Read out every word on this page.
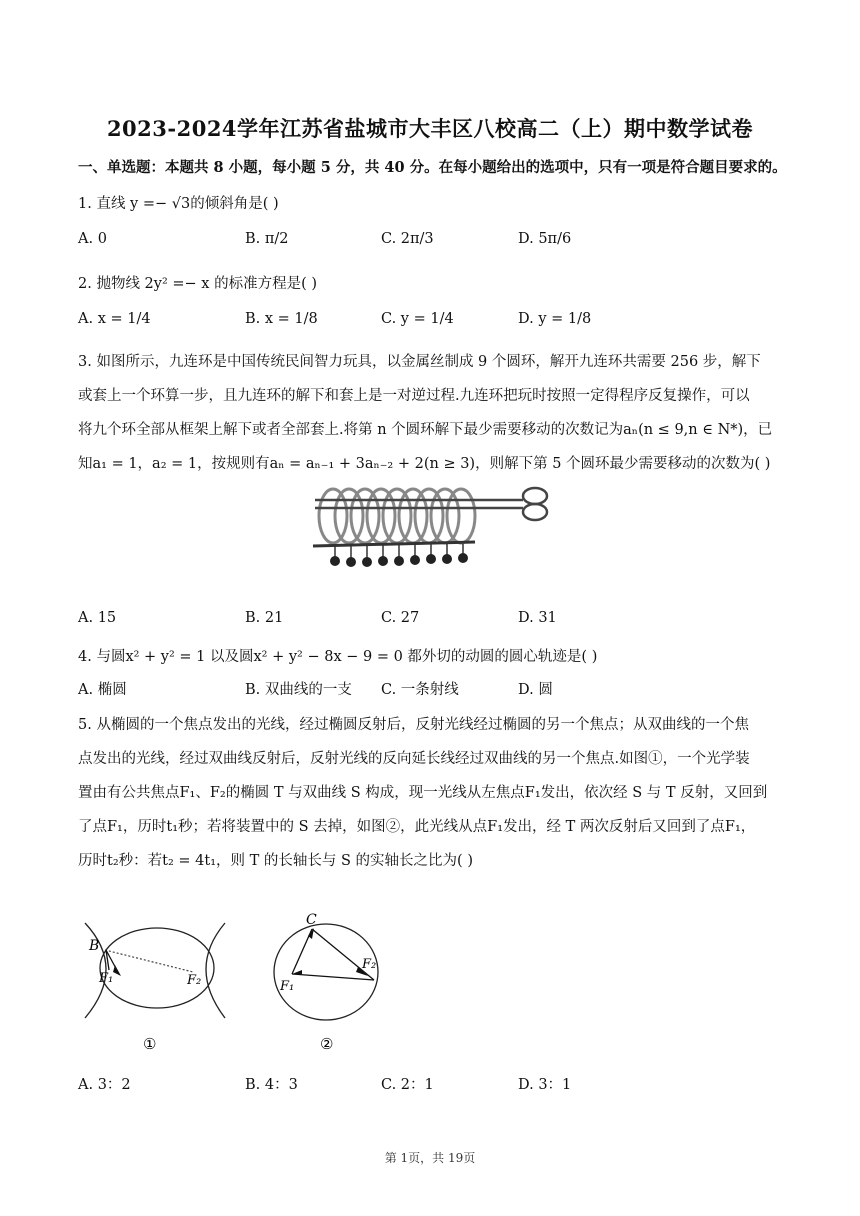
2023-2024学年江苏省盐城市大丰区八校高二（上）期中数学试卷
一、单选题：本题共 8 小题，每小题 5 分，共 40 分。在每小题给出的选项中，只有一项是符合题目要求的。
1. 直线 y =− √3的倾斜角是( )
A. 0	B. π/2	C. 2π/3	D. 5π/6
2. 抛物线 2y² =− x 的标准方程是( )
A. x = 1/4	B. x = 1/8	C. y = 1/4	D. y = 1/8
3. 如图所示，九连环是中国传统民间智力玩具，以金属丝制成 9 个圆环，解开九连环共需要 256 步，解下
或套上一个环算一步，且九连环的解下和套上是一对逆过程.九连环把玩时按照一定得程序反复操作，可以
将九个环全部从框架上解下或者全部套上.将第 n 个圆环解下最少需要移动的次数记为aₙ(n ≤ 9,n ∈ N*)，已
知a₁ = 1，a₂ = 1，按规则有aₙ = aₙ₋₁ + 3aₙ₋₂ + 2(n ≥ 3)，则解下第 5 个圆环最少需要移动的次数为( )
A. 15	B. 21	C. 27	D. 31
4. 与圆x² + y² = 1 以及圆x² + y² − 8x − 9 = 0 都外切的动圆的圆心轨迹是( )
A. 椭圆	B. 双曲线的一支 C. 一条射线	D. 圆
5. 从椭圆的一个焦点发出的光线，经过椭圆反射后，反射光线经过椭圆的另一个焦点；从双曲线的一个焦
点发出的光线，经过双曲线反射后，反射光线的反向延长线经过双曲线的另一个焦点.如图①，一个光学装
置由有公共焦点F₁、F₂的椭圆 T 与双曲线 S 构成，现一光线从左焦点F₁发出，依次经 S 与 T 反射，又回到
了点F₁，历时t₁秒；若将装置中的 S 去掉，如图②，此光线从点F₁发出，经 T 两次反射后又回到了点F₁，
历时t₂秒：若t₂ = 4t₁，则 T 的长轴长与 S 的实轴长之比为( )
B
F₁	F₂
①
C
F₁
F₂
②
A. 3：2	B. 4：3	C. 2：1	D. 3：1
第 1页，共 19页
